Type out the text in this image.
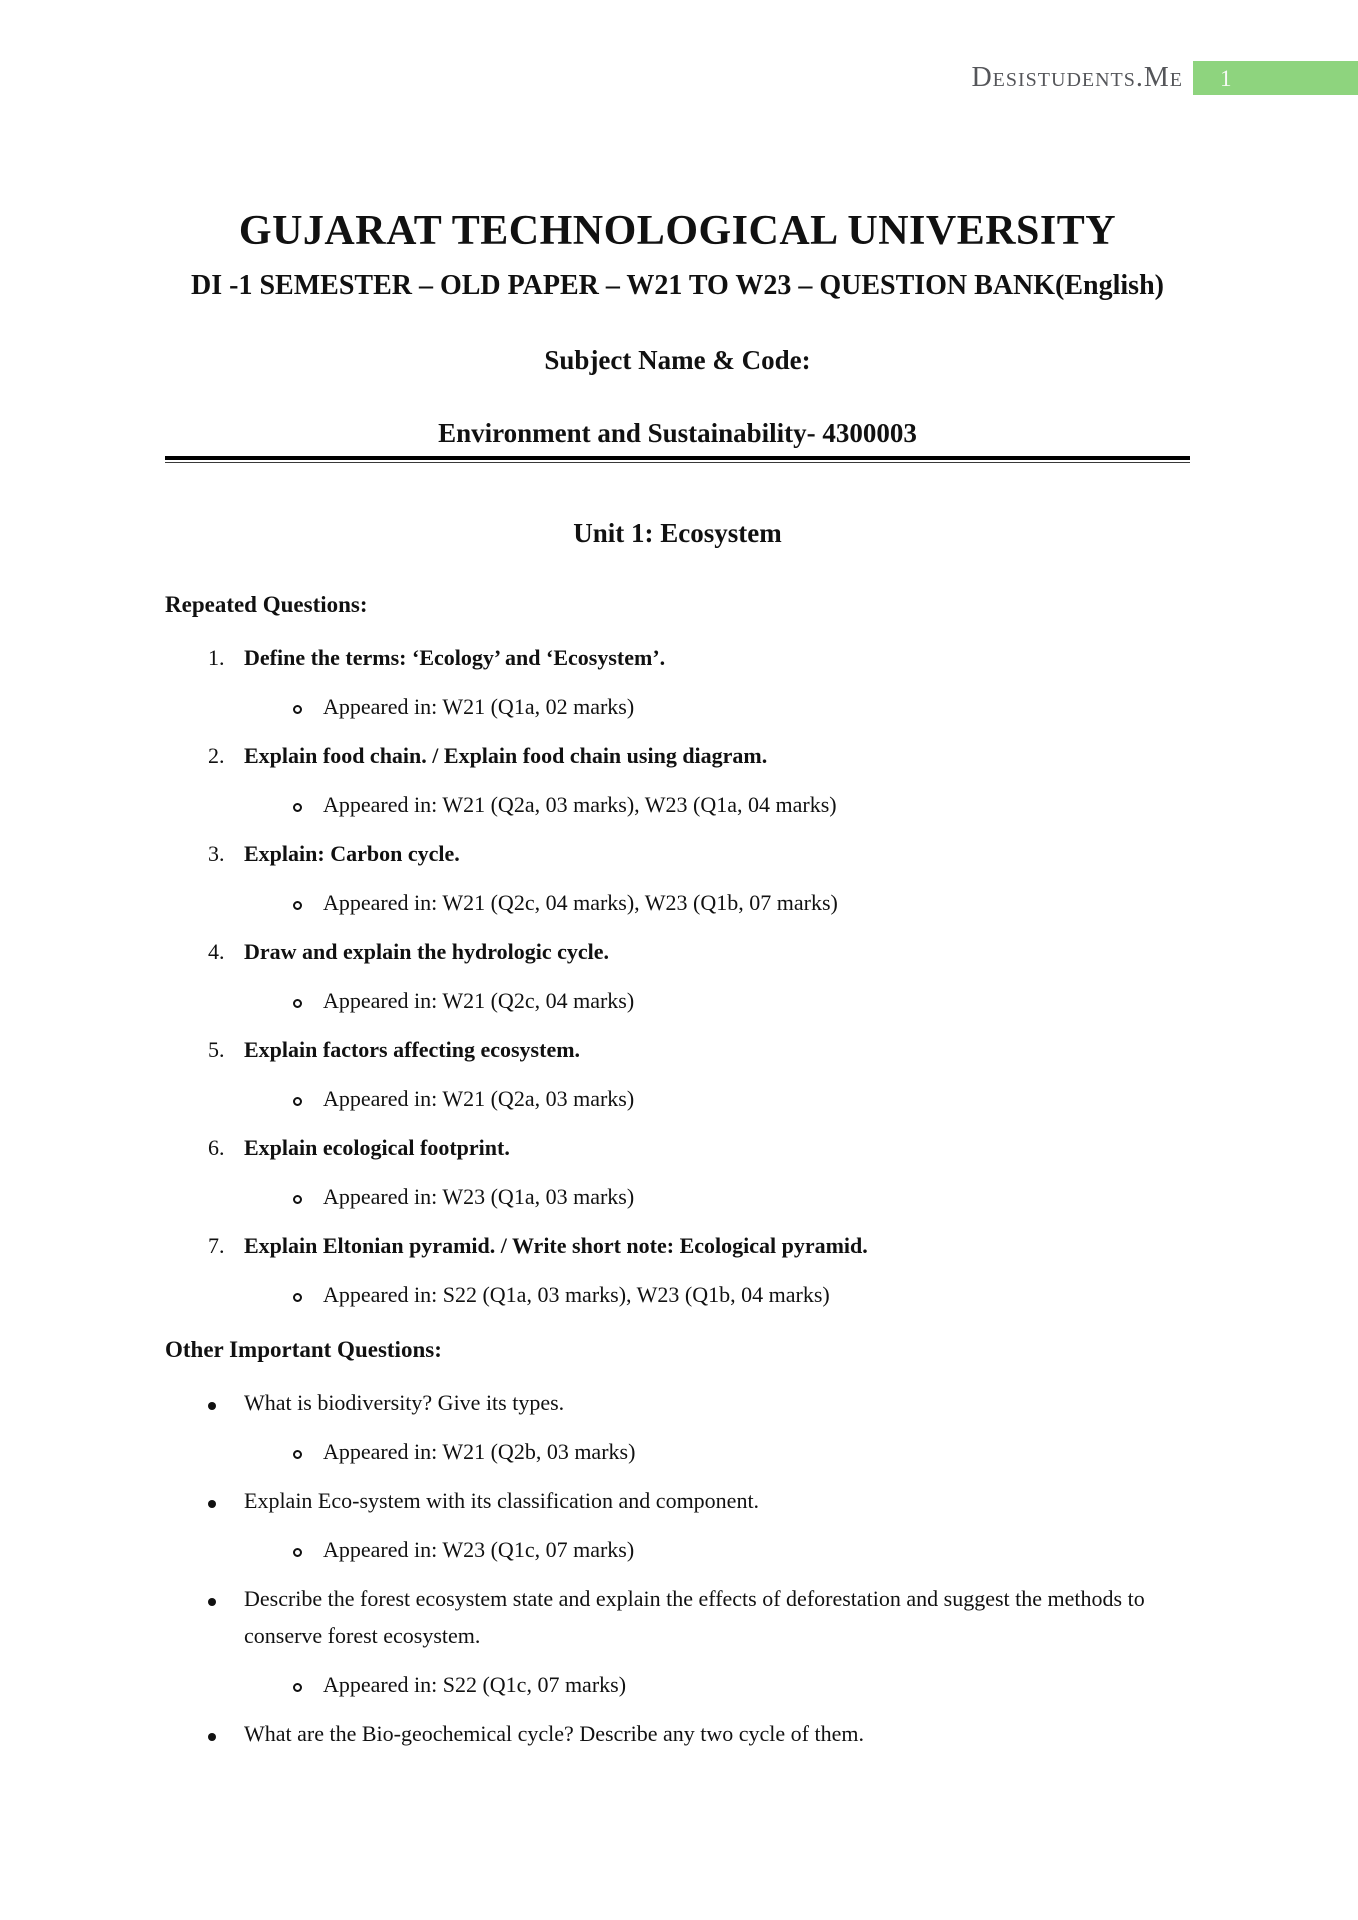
Desistudents.Me 1
GUJARAT TECHNOLOGICAL UNIVERSITY
DI -1 SEMESTER – OLD PAPER – W21 TO W23 – QUESTION BANK(English)
Subject Name & Code:
Environment and Sustainability- 4300003
Unit 1: Ecosystem
Repeated Questions:
1. Define the terms: ‘Ecology’ and ‘Ecosystem’.
Appeared in: W21 (Q1a, 02 marks)
2. Explain food chain. / Explain food chain using diagram.
Appeared in: W21 (Q2a, 03 marks), W23 (Q1a, 04 marks)
3. Explain: Carbon cycle.
Appeared in: W21 (Q2c, 04 marks), W23 (Q1b, 07 marks)
4. Draw and explain the hydrologic cycle.
Appeared in: W21 (Q2c, 04 marks)
5. Explain factors affecting ecosystem.
Appeared in: W21 (Q2a, 03 marks)
6. Explain ecological footprint.
Appeared in: W23 (Q1a, 03 marks)
7. Explain Eltonian pyramid. / Write short note: Ecological pyramid.
Appeared in: S22 (Q1a, 03 marks), W23 (Q1b, 04 marks)
Other Important Questions:
What is biodiversity? Give its types.
Appeared in: W21 (Q2b, 03 marks)
Explain Eco-system with its classification and component.
Appeared in: W23 (Q1c, 07 marks)
Describe the forest ecosystem state and explain the effects of deforestation and suggest the methods to conserve forest ecosystem.
Appeared in: S22 (Q1c, 07 marks)
What are the Bio-geochemical cycle? Describe any two cycle of them.
